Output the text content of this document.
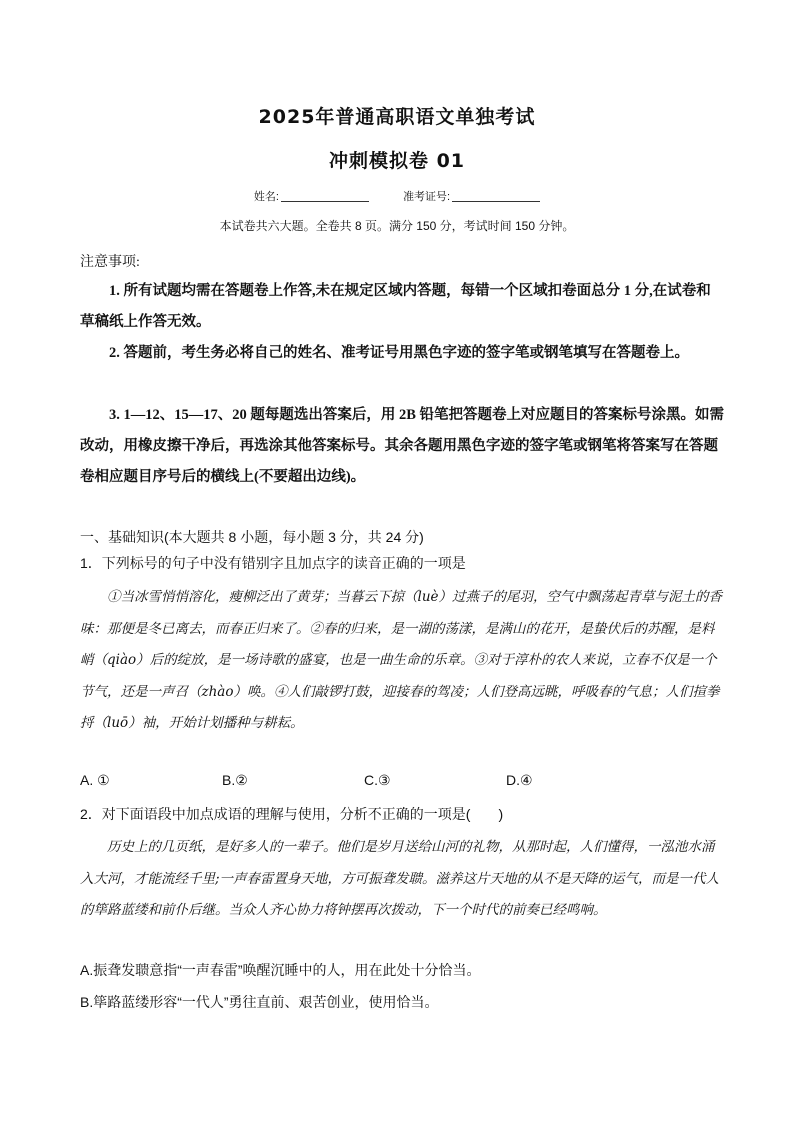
2025年普通高职语文单独考试
冲刺模拟卷 01
姓名:	准考证号:
本试卷共六大题。全卷共 8 页。满分 150 分，考试时间 150 分钟。
注意事项:

1. 所有试题均需在答题卷上作答,未在规定区域内答题，每错一个区域扣卷面总分 1 分,在试卷和草稿纸上作答无效。

2. 答题前，考生务必将自己的姓名、准考证号用黑色字迹的签字笔或钢笔填写在答题卷上。

3. 1—12、15—17、20 题每题选出答案后，用 2B 铅笔把答题卷上对应题目的答案标号涂黑。如需改动，用橡皮擦干净后，再选涂其他答案标号。其余各题用黑色字迹的签字笔或钢笔将答案写在答题卷相应题目序号后的横线上(不要超出边线)。

一、基础知识(本大题共 8 小题，每小题 3 分，共 24 分)
1．下列标号的句子中没有错别字且加点字的读音正确的一项是

①当冰雪悄悄溶化，瘦柳泛出了黄芽；当暮云下掠（luè）过燕子的尾羽，空气中飘荡起青草与泥土的香味：那便是冬已离去，而春正归来了。②春的归来，是一湖的荡漾，是满山的花开，是蛰伏后的苏醒，是料峭（qiào）后的绽放，是一场诗歌的盛宴，也是一曲生命的乐章。③对于淳朴的农人来说，立春不仅是一个节气，还是一声召（zhào）唤。④人们敲锣打鼓，迎接春的驾凌；人们登高远眺，呼吸春的气息；人们揎拳捋（luō）袖，开始计划播种与耕耘。

A. ①	B.②	C.③	D.④
2．对下面语段中加点成语的理解与使用，分析不正确的一项是(　　)

历史上的几页纸，是好多人的一辈子。他们是岁月送给山河的礼物，从那时起，人们懂得，一泓池水涌入大河，才能流经千里;一声春雷置身天地，方可振聋发聩。滋养这片天地的从不是天降的运气，而是一代人的筚路蓝缕和前仆后继。当众人齐心协力将钟摆再次拨动，下一个时代的前奏已经鸣响。

A.振聋发聩意指“一声春雷”唤醒沉睡中的人，用在此处十分恰当。
B.筚路蓝缕形容“一代人”勇往直前、艰苦创业，使用恰当。
